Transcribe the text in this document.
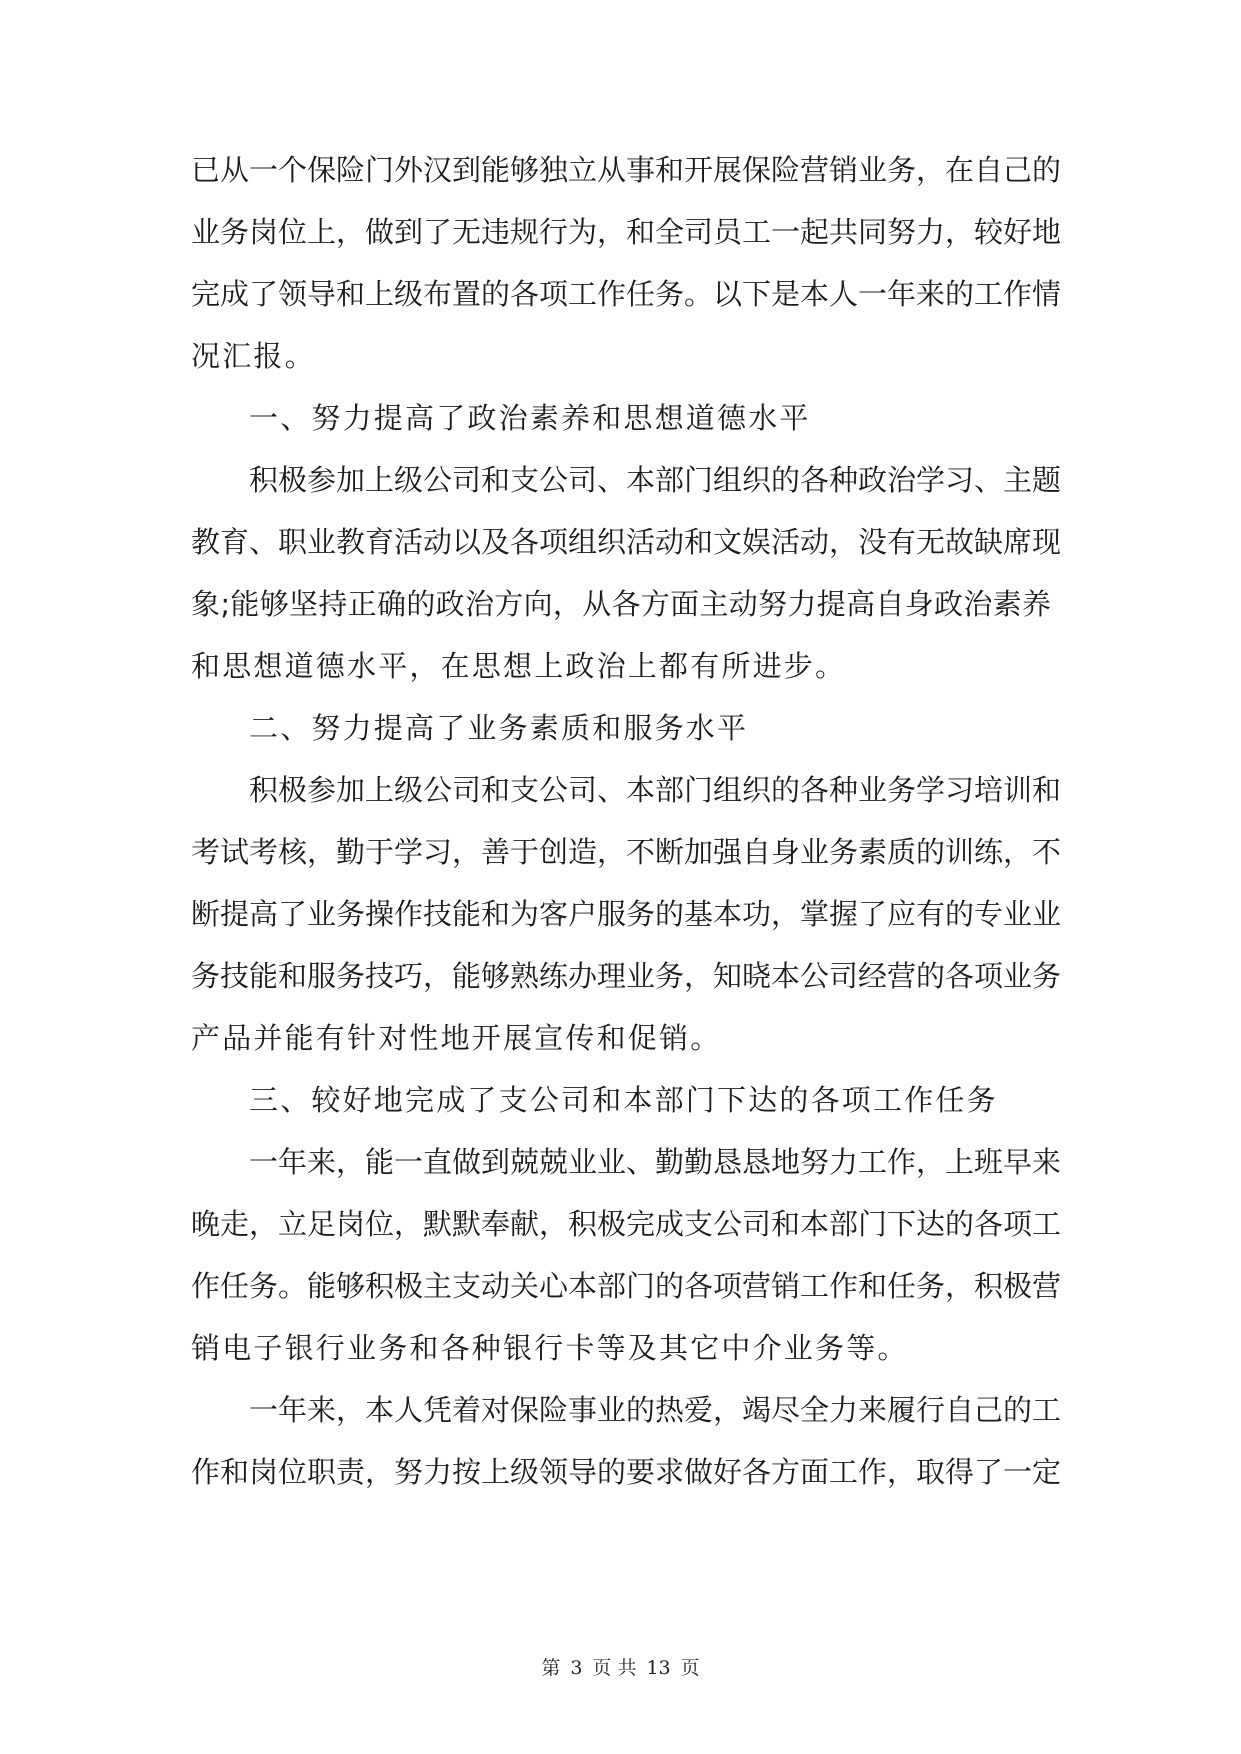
已从一个保险门外汉到能够独立从事和开展保险营销业务，在自己的
业务岗位上，做到了无违规行为，和全司员工一起共同努力，较好地
完成了领导和上级布置的各项工作任务。以下是本人一年来的工作情
况汇报。
一、努力提高了政治素养和思想道德水平
积极参加上级公司和支公司、本部门组织的各种政治学习、主题
教育、职业教育活动以及各项组织活动和文娱活动，没有无故缺席现
象;能够坚持正确的政治方向，从各方面主动努力提高自身政治素养
和思想道德水平，在思想上政治上都有所进步。
二、努力提高了业务素质和服务水平
积极参加上级公司和支公司、本部门组织的各种业务学习培训和
考试考核，勤于学习，善于创造，不断加强自身业务素质的训练，不
断提高了业务操作技能和为客户服务的基本功，掌握了应有的专业业
务技能和服务技巧，能够熟练办理业务，知晓本公司经营的各项业务
产品并能有针对性地开展宣传和促销。
三、较好地完成了支公司和本部门下达的各项工作任务
一年来，能一直做到兢兢业业、勤勤恳恳地努力工作，上班早来
晚走，立足岗位，默默奉献，积极完成支公司和本部门下达的各项工
作任务。能够积极主支动关心本部门的各项营销工作和任务，积极营
销电子银行业务和各种银行卡等及其它中介业务等。
一年来，本人凭着对保险事业的热爱，竭尽全力来履行自己的工
作和岗位职责，努力按上级领导的要求做好各方面工作，取得了一定
第 3 页 共 13 页
